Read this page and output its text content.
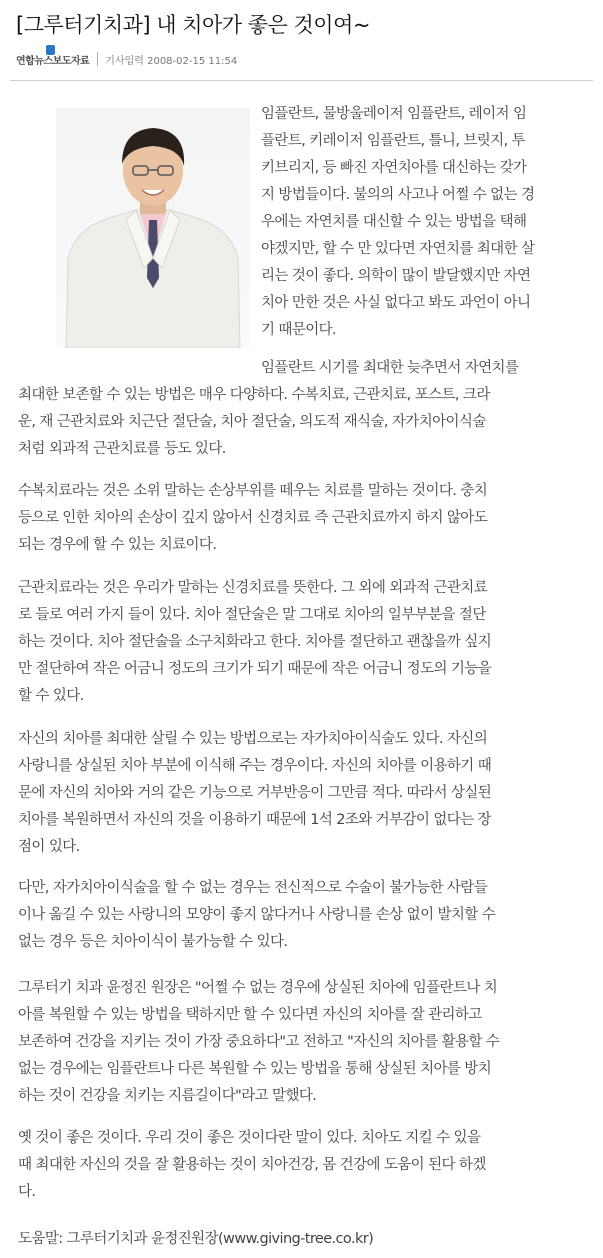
[그루터기치과] 내 치아가 좋은 것이여~
연합뉴스보도자료 기사입력 2008-02-15 11:54
임플란트, 물방울레이저 임플란트, 레이저 임
플란트, 키레이저 임플란트, 틀니, 브릿지, 투
키브리지, 등 빠진 자연치아를 대신하는 갖가
지 방법들이다. 불의의 사고나 어쩔 수 없는 경
우에는 자연치를 대신할 수 있는 방법을 택해
야겠지만, 할 수 만 있다면 자연치를 최대한 살
리는 것이 좋다. 의학이 많이 발달했지만 자연
치아 만한 것은 사실 없다고 봐도 과언이 아니
기 때문이다.
임플란트 시기를 최대한 늦추면서 자연치를
최대한 보존할 수 있는 방법은 매우 다양하다. 수복치료, 근관치료, 포스트, 크라
운, 재 근관치료와 치근단 절단술, 치아 절단술, 의도적 재식술, 자가치아이식술
처럼 외과적 근관치료를 등도 있다.
수복치료라는 것은 소위 말하는 손상부위를 떼우는 치료를 말하는 것이다. 충치
등으로 인한 치아의 손상이 깊지 않아서 신경치료 즉 근관치료까지 하지 않아도
되는 경우에 할 수 있는 치료이다.
근관치료라는 것은 우리가 말하는 신경치료를 뜻한다. 그 외에 외과적 근관치료
로 들로 여러 가지 들이 있다. 치아 절단술은 말 그대로 치아의 일부부분을 절단
하는 것이다. 치아 절단술을 소구치화라고 한다. 치아를 절단하고 괜찮을까 싶지
만 절단하여 작은 어금니 정도의 크기가 되기 때문에 작은 어금니 정도의 기능을
할 수 있다.
자신의 치아를 최대한 살릴 수 있는 방법으로는 자가치아이식술도 있다. 자신의
사랑니를 상실된 치아 부분에 이식해 주는 경우이다. 자신의 치아를 이용하기 때
문에 자신의 치아와 거의 같은 기능으로 거부반응이 그만큼 적다. 따라서 상실된
치아를 복원하면서 자신의 것을 이용하기 때문에 1석 2조와 거부감이 없다는 장
점이 있다.
다만, 자가치아이식술을 할 수 없는 경우는 전신적으로 수술이 불가능한 사람들
이나 옮길 수 있는 사랑니의 모양이 좋지 않다거나 사랑니를 손상 없이 발치할 수
없는 경우 등은 치아이식이 불가능할 수 있다.
그루터기 치과 윤정진 원장은 "어쩔 수 없는 경우에 상실된 치아에 임플란트나 치
아를 복원할 수 있는 방법을 택하지만 할 수 있다면 자신의 치아를 잘 관리하고
보존하여 건강을 지키는 것이 가장 중요하다"고 전하고 "자신의 치아를 활용할 수
없는 경우에는 임플란트나 다른 복원할 수 있는 방법을 통해 상실된 치아를 방치
하는 것이 건강을 치키는 지름길이다"라고 말했다.
옛 것이 좋은 것이다. 우리 것이 좋은 것이다란 말이 있다. 치아도 지킬 수 있을
때 최대한 자신의 것을 잘 활용하는 것이 치아건강, 몸 건강에 도움이 된다 하겠
다.
도움말: 그루터기치과 윤정진원장(www.giving-tree.co.kr)
